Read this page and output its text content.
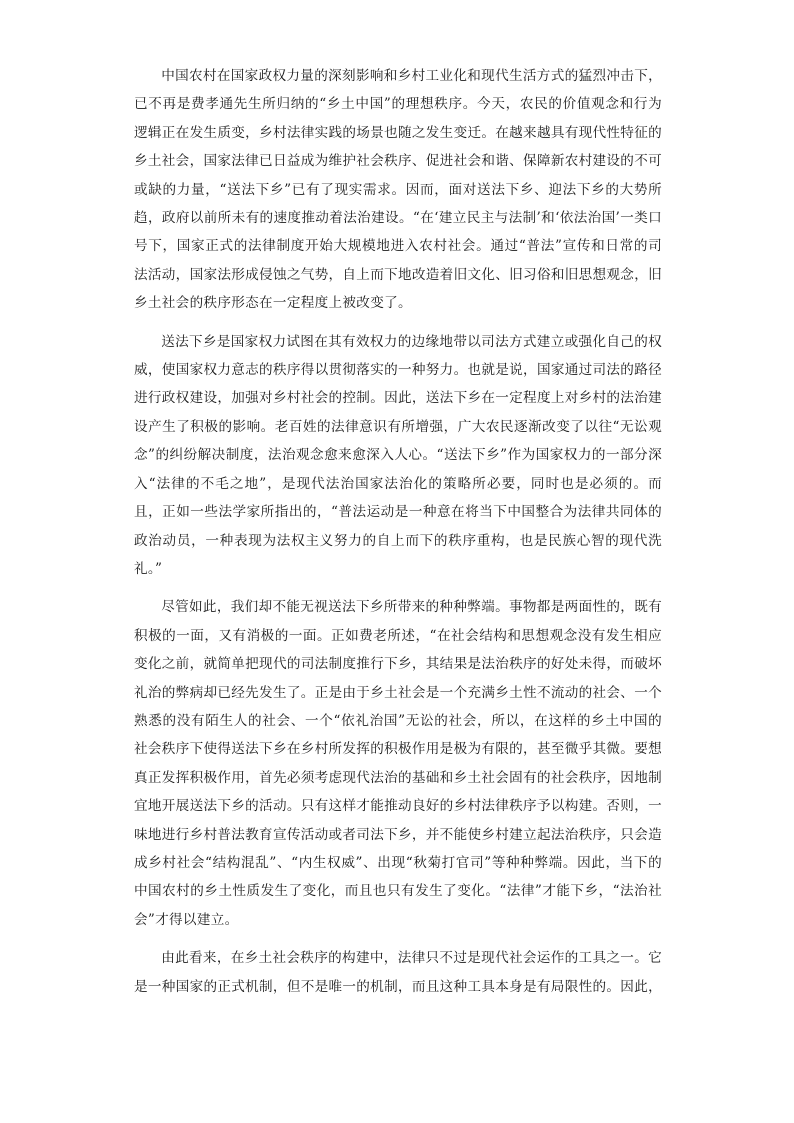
中国农村在国家政权力量的深刻影响和乡村工业化和现代生活方式的猛烈冲击下，已不再是费孝通先生所归纳的“乡土中国”的理想秩序。今天，农民的价值观念和行为逻辑正在发生质变，乡村法律实践的场景也随之发生变迁。在越来越具有现代性特征的乡土社会，国家法律已日益成为维护社会秩序、促进社会和谐、保障新农村建设的不可或缺的力量，“送法下乡”已有了现实需求。因而，面对送法下乡、迎法下乡的大势所趋，政府以前所未有的速度推动着法治建设。“在‘建立民主与法制’和‘依法治国’一类口号下，国家正式的法律制度开始大规模地进入农村社会。通过“普法”宣传和日常的司法活动，国家法形成侵蚀之气势，自上而下地改造着旧文化、旧习俗和旧思想观念，旧乡土社会的秩序形态在一定程度上被改变了。

送法下乡是国家权力试图在其有效权力的边缘地带以司法方式建立或强化自己的权威，使国家权力意志的秩序得以贯彻落实的一种努力。也就是说，国家通过司法的路径进行政权建设，加强对乡村社会的控制。因此，送法下乡在一定程度上对乡村的法治建设产生了积极的影响。老百姓的法律意识有所增强，广大农民逐渐改变了以往“无讼观念”的纠纷解决制度，法治观念愈来愈深入人心。“送法下乡”作为国家权力的一部分深入“法律的不毛之地”，是现代法治国家法治化的策略所必要，同时也是必须的。而且，正如一些法学家所指出的，“普法运动是一种意在将当下中国整合为法律共同体的政治动员，一种表现为法权主义努力的自上而下的秩序重构，也是民族心智的现代洗礼。”

尽管如此，我们却不能无视送法下乡所带来的种种弊端。事物都是两面性的，既有积极的一面，又有消极的一面。正如费老所述，“在社会结构和思想观念没有发生相应变化之前，就简单把现代的司法制度推行下乡，其结果是法治秩序的好处未得，而破坏礼治的弊病却已经先发生了。正是由于乡土社会是一个充满乡土性不流动的社会、一个熟悉的没有陌生人的社会、一个“依礼治国”无讼的社会，所以，在这样的乡土中国的社会秩序下使得送法下乡在乡村所发挥的积极作用是极为有限的，甚至微乎其微。要想真正发挥积极作用，首先必须考虑现代法治的基础和乡土社会固有的社会秩序，因地制宜地开展送法下乡的活动。只有这样才能推动良好的乡村法律秩序予以构建。否则，一味地进行乡村普法教育宣传活动或者司法下乡，并不能使乡村建立起法治秩序，只会造成乡村社会“结构混乱”、“内生权威”、出现“秋菊打官司”等种种弊端。因此，当下的中国农村的乡土性质发生了变化，而且也只有发生了变化。“法律”才能下乡，“法治社会”才得以建立。

由此看来，在乡土社会秩序的构建中，法律只不过是现代社会运作的工具之一。它是一种国家的正式机制，但不是唯一的机制，而且这种工具本身是有局限性的。因此，
